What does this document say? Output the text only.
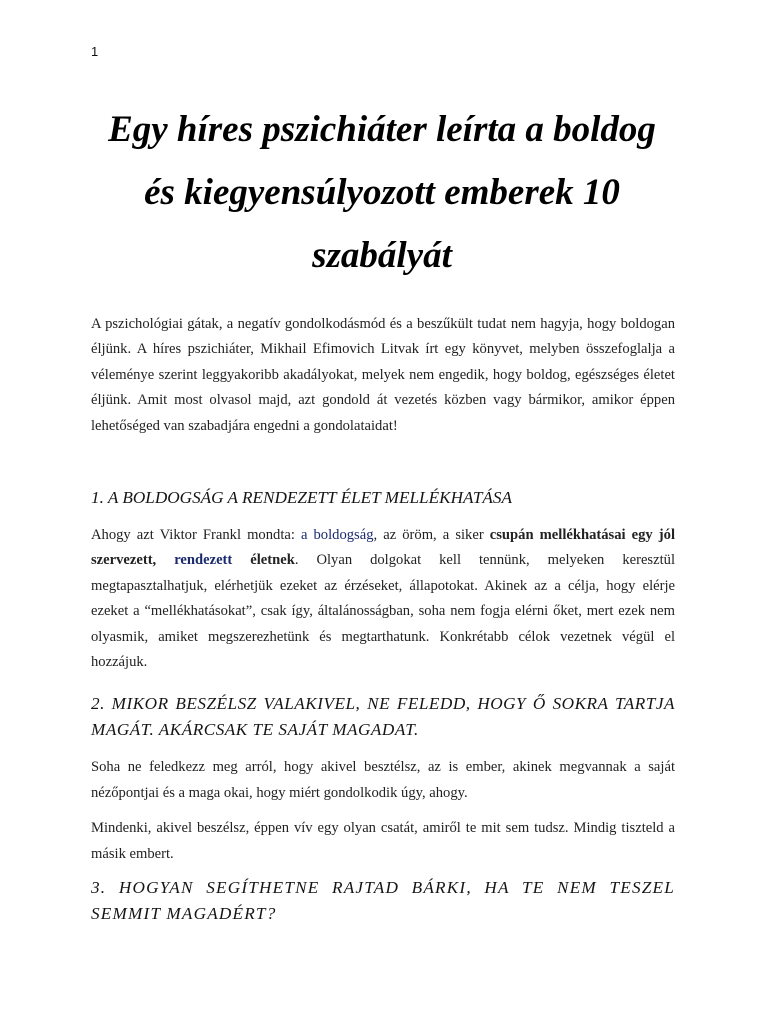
1
Egy híres pszichiáter leírta a boldog és kiegyensúlyozott emberek 10 szabályát

A pszichológiai gátak, a negatív gondolkodásmód és a beszűkült tudat nem hagyja, hogy boldogan éljünk. A híres pszichiáter, Mikhail Efimovich Litvak írt egy könyvet, melyben összefoglalja a véleménye szerint leggyakoribb akadályokat, melyek nem engedik, hogy boldog, egészséges életet éljünk. Amit most olvasol majd, azt gondold át vezetés közben vagy bármikor, amikor éppen lehetőséged van szabadjára engedni a gondolataidat!

1. A BOLDOGSÁG A RENDEZETT ÉLET MELLÉKHATÁSA

Ahogy azt Viktor Frankl mondta: a boldogság, az öröm, a siker csupán mellékhatásai egy jól szervezett, rendezett életnek. Olyan dolgokat kell tennünk, melyeken keresztül megtapasztalhatjuk, elérhetjük ezeket az érzéseket, állapotokat. Akinek az a célja, hogy elérje ezeket a “mellékhatásokat”, csak így, általánosságban, soha nem fogja elérni őket, mert ezek nem olyasmik, amiket megszerezhetünk és megtarthatunk. Konkrétabb célok vezetnek végül el hozzájuk.

2. MIKOR BESZÉLSZ VALAKIVEL, NE FELEDD, HOGY Ő SOKRA TARTJA MAGÁT. AKÁRCSAK TE SAJÁT MAGADAT.

Soha ne feledkezz meg arról, hogy akivel besztélsz, az is ember, akinek megvannak a saját nézőpontjai és a maga okai, hogy miért gondolkodik úgy, ahogy.

Mindenki, akivel beszélsz, éppen vív egy olyan csatát, amiről te mit sem tudsz. Mindig tiszteld a másik embert.

3. HOGYAN SEGÍTHETNE RAJTAD BÁRKI, HA TE NEM TESZEL SEMMIT MAGADÉRT?
